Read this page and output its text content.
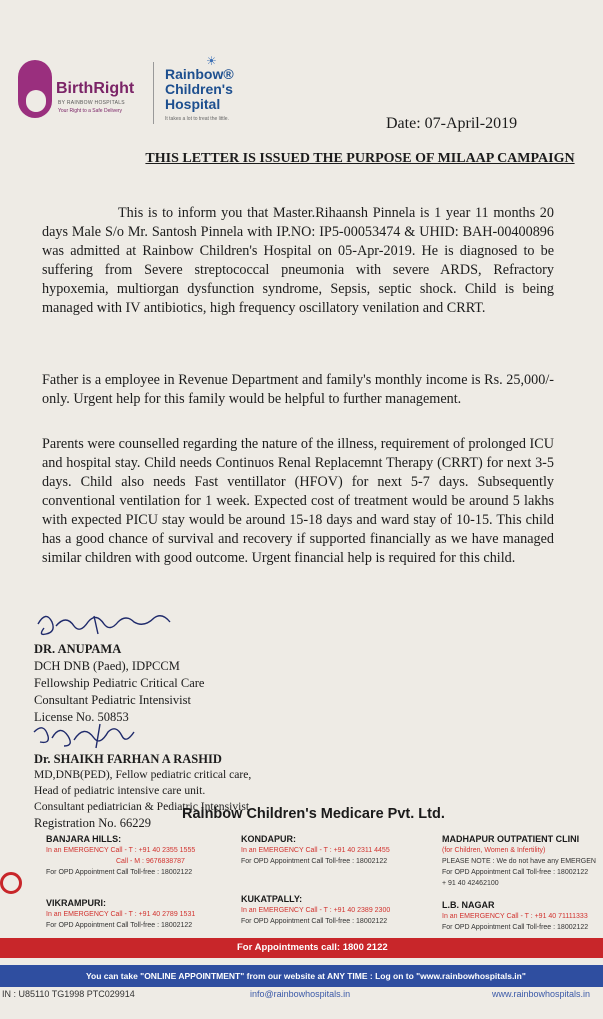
BirthRight
BY RAINBOW HOSPITALS
Your Right to a Safe Delivery
☀
Rainbow®
Children's
Hospital
It takes a lot to treat the little.	Date: 07-April-2019
THIS LETTER IS ISSUED THE PURPOSE OF MILAAP CAMPAIGN
This is to inform you that Master.Rihaansh Pinnela is 1 year 11 months 20 days Male S/o Mr. Santosh Pinnela with IP.NO: IP5-00053474 & UHID: BAH-00400896 was admitted at Rainbow Children's Hospital on 05-Apr-2019. He is diagnosed to be suffering from Severe streptococcal pneumonia with severe ARDS, Refractory hypoxemia, multiorgan dysfunction syndrome, Sepsis, septic shock. Child is being managed with IV antibiotics, high frequency oscillatory venilation and CRRT.
Father is a employee in Revenue Department and family's monthly income is Rs. 25,000/- only. Urgent help for this family would be helpful to further management.
Parents were counselled regarding the nature of the illness, requirement of prolonged ICU and hospital stay. Child needs Continuos Renal Replacemnt Therapy (CRRT) for next 3-5 days. Child also needs Fast ventillator (HFOV) for next 5-7 days. Subsequently conventional ventilation for 1 week. Expected cost of treatment would be around 5 lakhs with expected PICU stay would be around 15-18 days and ward stay of 10-15. This child has a good chance of survival and recovery if supported financially as we have managed similar children with good outcome. Urgent financial help is required for this child.
DR. ANUPAMA
DCH DNB (Paed), IDPCCM
Fellowship Pediatric Critical Care
Consultant Pediatric Intensivist
License No. 50853
Dr. SHAIKH FARHAN A RASHID
MD,DNB(PED), Fellow pediatric critical care,
Head of pediatric intensive care unit.
Consultant pediatrician & Pediatric Intensivist
Registration No. 66229
Rainbow Children's Medicare Pvt. Ltd.
BANJARA HILLS:
In an EMERGENCY Call - T : +91 40 2355 1555
Call - M : 9676838787
For OPD Appointment Call Toll-free : 18002122
KONDAPUR:
In an EMERGENCY Call - T : +91 40 2311 4455
For OPD Appointment Call Toll-free : 18002122
MADHAPUR OUTPATIENT CLINI
(for Children, Women & Infertility)
PLEASE NOTE : We do not have any EMERGEN
For OPD Appointment Call Toll-free : 18002122
+ 91 40 42462100
VIKRAMPURI:
In an EMERGENCY Call - T : +91 40 2789 1531
For OPD Appointment Call Toll-free : 18002122
KUKATPALLY:
In an EMERGENCY Call - T : +91 40 2389 2300
For OPD Appointment Call Toll-free : 18002122
L.B. NAGAR
In an EMERGENCY Call - T : +91 40 71111333
For OPD Appointment Call Toll-free : 18002122
For Appointments call: 1800 2122
You can take "ONLINE APPOINTMENT" from our website at ANY TIME : Log on to "www.rainbowhospitals.in"
IN : U85110 TG1998 PTC029914	info@rainbowhospitals.in	www.rainbowhospitals.in
